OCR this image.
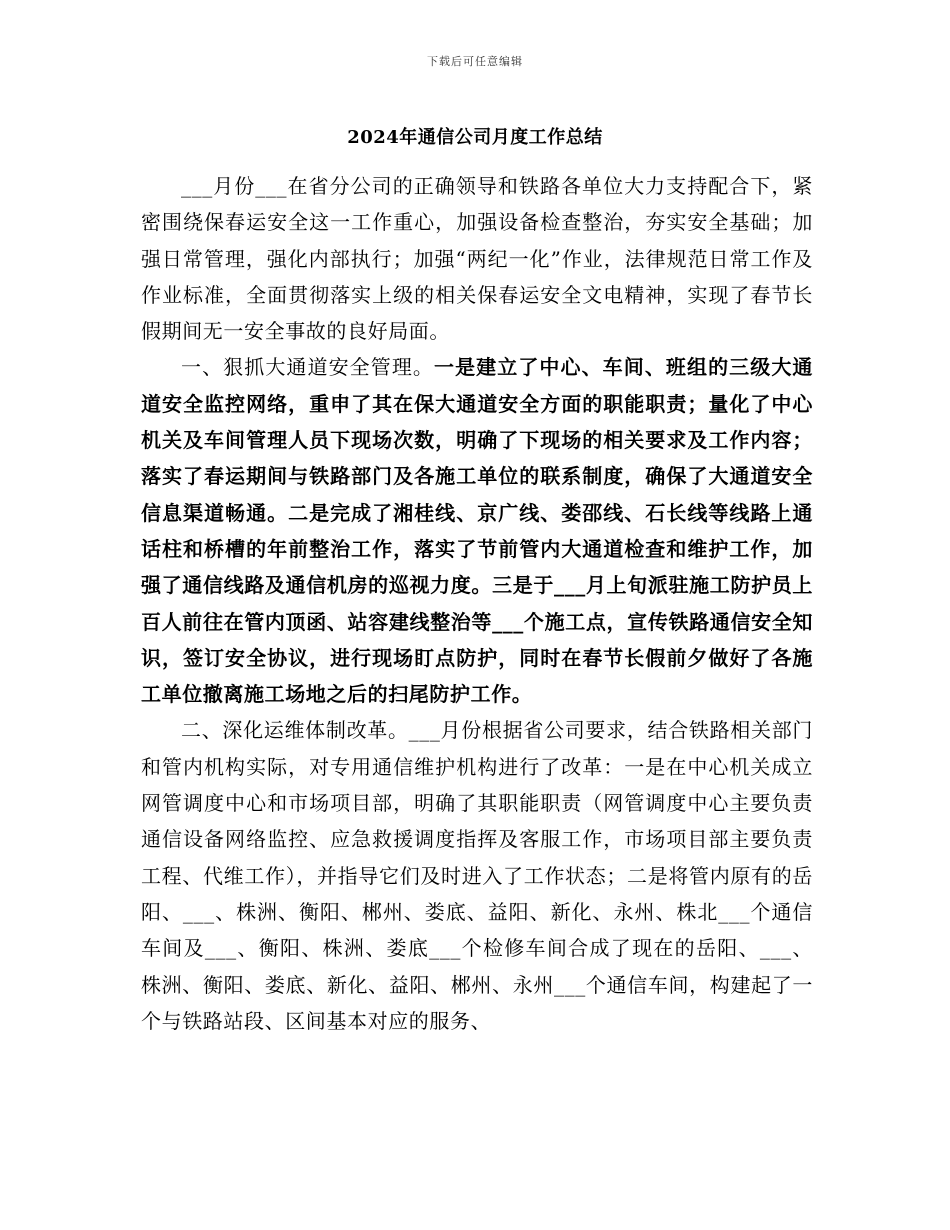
下载后可任意编辑
2024年通信公司月度工作总结

___月份___在省分公司的正确领导和铁路各单位大力支持配合下，紧密围绕保春运安全这一工作重心，加强设备检查整治，夯实安全基础；加强日常管理，强化内部执行；加强“两纪一化”作业，法律规范日常工作及作业标准，全面贯彻落实上级的相关保春运安全文电精神，实现了春节长假期间无一安全事故的良好局面。

一、狠抓大通道安全管理。一是建立了中心、车间、班组的三级大通道安全监控网络，重申了其在保大通道安全方面的职能职责；量化了中心机关及车间管理人员下现场次数，明确了下现场的相关要求及工作内容；落实了春运期间与铁路部门及各施工单位的联系制度，确保了大通道安全信息渠道畅通。二是完成了湘桂线、京广线、娄邵线、石长线等线路上通话柱和桥槽的年前整治工作，落实了节前管内大通道检查和维护工作，加强了通信线路及通信机房的巡视力度。三是于___月上旬派驻施工防护员上百人前往在管内顶函、站容建线整治等___个施工点，宣传铁路通信安全知识，签订安全协议，进行现场盯点防护，同时在春节长假前夕做好了各施工单位撤离施工场地之后的扫尾防护工作。

二、深化运维体制改革。___月份根据省公司要求，结合铁路相关部门和管内机构实际，对专用通信维护机构进行了改革：一是在中心机关成立网管调度中心和市场项目部，明确了其职能职责（网管调度中心主要负责通信设备网络监控、应急救援调度指挥及客服工作，市场项目部主要负责工程、代维工作），并指导它们及时进入了工作状态；二是将管内原有的岳阳、___、株洲、衡阳、郴州、娄底、益阳、新化、永州、株北___个通信车间及___、衡阳、株洲、娄底___个检修车间合成了现在的岳阳、___、株洲、衡阳、娄底、新化、益阳、郴州、永州___个通信车间，构建起了一个与铁路站段、区间基本对应的服务、
